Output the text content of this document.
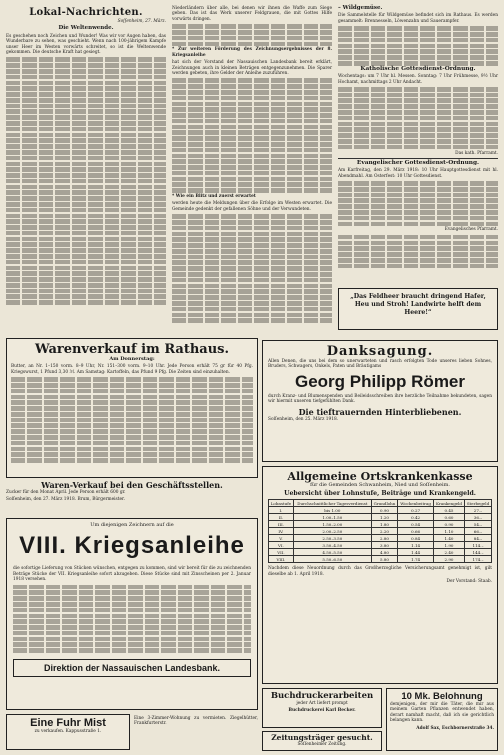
Lokal-Nachrichten.
Soſſenheim, 27. März.
Die Weltenwende.
Es geschehen noch Zeichen und Wunder! Was wir vor Augen haben, das Wunderbare zu sehen, was geschieht. Wenn nach 100-jährigem Kampfe unser Heer im Westen vorwärts schreitet, so ist die Weltenwende gekommen. Die deutsche Kraft hat gesiegt.
Niederländern über alle, bei denen wir ihnen die Waffe zum Siege geben. Das ist das Werk unserer Feldgrauen, die mit Gottes Hilfe vorwärts dringen.
* Zur weiteren Förderung des Zeichnungsergebnisses der 8. Kriegsanleihe
hat sich der Vorstand der Nassauischen Landesbank bereit erklärt, Zeichnungen auch in kleinen Beträgen entgegenzunehmen. Die Sparer werden gebeten, ihre Gelder der Anleihe zuzuführen.
* Wie ein Blitz und zuerst erwartet
werden heute die Meldungen über die Erfolge im Westen erwartet. Die Gemeinde gedenkt der gefallenen Söhne und der Verwundeten.
– Wildgemüse.
Die Sammelstelle für Wildgemüse befindet sich im Rathaus. Es werden gesammelt: Brennesseln, Löwenzahn und Sauerampfer.
Katholische Gottesdienst-Ordnung.
Wochentags: um 7 Uhr hl. Messen. Sonntag: 7 Uhr Frühmesse, 9½ Uhr Hochamt, nachmittags 2 Uhr Andacht.
Das kath. Pfarramt.
Evangelischer Gottesdienst-Ordnung.
Am Karfreitag, den 29. März 1918: 10 Uhr Hauptgottesdienst mit hl. Abendmahl. Am Osterfest: 10 Uhr Gottesdienst.
Evangelisches Pfarramt.
„Das Feldheer braucht dringend Hafer, Heu und Stroh! Landwirte helft dem Heere!“
Warenverkauf im Rathaus.
Am Donnerstag:
Butter, an Nr. 1–150 vorm. 8–9 Uhr, Nr. 151–300 vorm. 9–10 Uhr. Jede Person erhält 75 gr für 40 Pfg. Kriegswurst, 1 Pfund 3,30 ℳ. Am Samstag: Kartoffeln, das Pfund 9 Pfg. Die Zeiten sind einzuhalten.
Waren-Verkauf bei den Geschäftsstellen.
Zucker für den Monat April. Jede Person erhält 600 gr.
Soſſenheim, den 27. März 1918. Brum, Bürgermeister.
Um diejenigen Zeichnern auf die
VIII. Kriegsanleihe
die sofortige Lieferung von Stücken wünschen, entgegen zu kommen, sind wir bereit für die zu zeichnenden Beträge Stücke der VII. Kriegsanleihe sofort abzugeben. Diese Stücke sind mit Zinsscheinen per 2. Januar 1918 versehen.
Direktion der Nassauischen Landesbank.
Eine Fuhr Mist
zu verkaufen. Kappusstraße 1.
Eine 3-Zimmer-Wohnung zu vermieten. Ziegelhütter, Frankfurterstr.
Danksagung.
Allen Denen, die uns bei dem so unerwarteten und rasch erfolgten Tode unseres lieben Sohnes, Bruders, Schwagers, Onkels, Paten und Bräutigams
Georg Philipp Römer
durch Kranz- und Blumenspenden und Beileidsschreiben ihre herzliche Teilnahme bekundeten, sagen wir hiermit unseren tiefgefühlten Dank.
Die tieftrauernden Hinterbliebenen.
Soſſenheim, den 25. März 1918.
Allgemeine Ortskrankenkasse
für die Gemeinden Schwanheim, Nied und Soſſenheim.
Uebersicht über Lohnstufe, Beiträge und Krankengeld.
Lohnstufe	Durchschnittlicher Tagesverdienst	Grundlohn	Wochenbeitrag	Krankengeld	Sterbegeld
I.	bis 1.00	0.90	0.27	0.45	27.–
II.	1.00–1.50	1.20	0.42	0.60	36.–
III.	1.50–2.00	1.80	0.54	0.90	54.–
IV.	2.00–2.50	2.20	0.66	1.10	66.–
V.	2.50–3.50	2.80	0.84	1.40	84.–
VI.	3.50–4.50	3.80	1.14	1.90	114.–
VII.	4.50–5.50	4.80	1.44	2.40	144.–
VIII.	5.50–6.50	5.80	1.74	2.90	174.–
Nachdem diese Neuordnung durch das Großherzogliche Versicherungsamt genehmigt ist, gilt dieselbe ab 1. April 1918.
Der Vorstand: Staab.
Buchdruckerarbeiten
jeder Art liefert prompt
Buchdruckerei Karl Becker.
Zeitungsträger gesucht.
Soſſenheimer Zeitung.
10 Mk. Belohnung
demjenigen, der mir die Täter, die mir aus meinem Garten Pflanzen entwendet haben, derart namhaft macht, daß ich sie gerichtlich belangen kann.
Adolf Sax, Eschbornerstraße 34.
